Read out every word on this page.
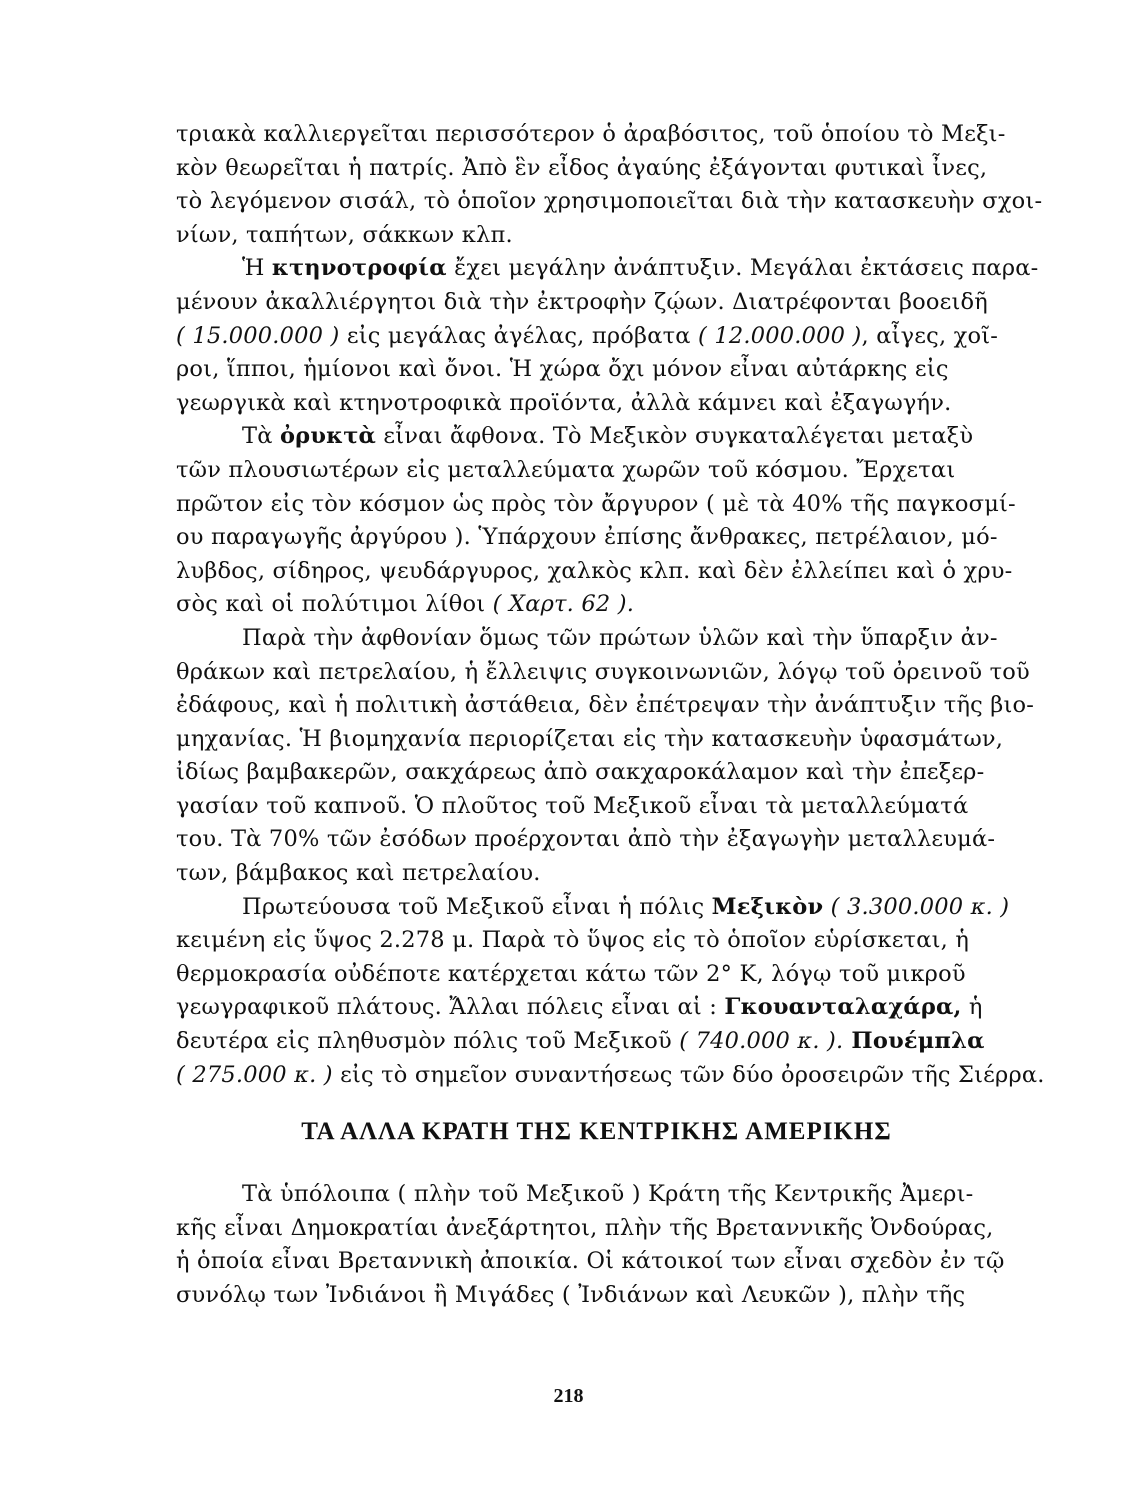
τριακὰ καλλιεργεῖται περισσότερον ὁ ἀραβόσιτος, τοῦ ὁποίου τὸ Μεξι-
κὸν θεωρεῖται ἡ πατρίς. Ἀπὸ ἓν εἶδος ἀγαύης ἐξάγονται φυτικαὶ ἶνες,
τὸ λεγόμενον σισάλ, τὸ ὁποῖον χρησιμοποιεῖται διὰ τὴν κατασκευὴν σχοι-
νίων, ταπήτων, σάκκων κλπ.

Ἡ κτηνοτροφία ἔχει μεγάλην ἀνάπτυξιν. Μεγάλαι ἐκτάσεις παρα-
μένουν ἀκαλλιέργητοι διὰ τὴν ἐκτροφὴν ζῴων. Διατρέφονται βοοειδῆ
( 15.000.000 ) εἰς μεγάλας ἀγέλας, πρόβατα ( 12.000.000 ), αἶγες, χοῖ-
ροι, ἵπποι, ἡμίονοι καὶ ὄνοι. Ἡ χώρα ὄχι μόνον εἶναι αὐτάρκης εἰς
γεωργικὰ καὶ κτηνοτροφικὰ προϊόντα, ἀλλὰ κάμνει καὶ ἐξαγωγήν.

Τὰ ὀρυκτὰ εἶναι ἄφθονα. Τὸ Μεξικὸν συγκαταλέγεται μεταξὺ
τῶν πλουσιωτέρων εἰς μεταλλεύματα χωρῶν τοῦ κόσμου. Ἔρχεται
πρῶτον εἰς τὸν κόσμον ὡς πρὸς τὸν ἄργυρον ( μὲ τὰ 40% τῆς παγκοσμί-
ου παραγωγῆς ἀργύρου ). Ὑπάρχουν ἐπίσης ἄνθρακες, πετρέλαιον, μό-
λυβδος, σίδηρος, ψευδάργυρος, χαλκὸς κλπ. καὶ δὲν ἐλλείπει καὶ ὁ χρυ-
σὸς καὶ οἱ πολύτιμοι λίθοι ( Χαρτ. 62 ).

Παρὰ τὴν ἀφθονίαν ὅμως τῶν πρώτων ὑλῶν καὶ τὴν ὕπαρξιν ἀν-
θράκων καὶ πετρελαίου, ἡ ἔλλειψις συγκοινωνιῶν, λόγῳ τοῦ ὀρεινοῦ τοῦ
ἐδάφους, καὶ ἡ πολιτικὴ ἀστάθεια, δὲν ἐπέτρεψαν τὴν ἀνάπτυξιν τῆς βιο-
μηχανίας. Ἡ βιομηχανία περιορίζεται εἰς τὴν κατασκευὴν ὑφασμάτων,
ἰδίως βαμβακερῶν, σακχάρεως ἀπὸ σακχαροκάλαμον καὶ τὴν ἐπεξερ-
γασίαν τοῦ καπνοῦ. Ὁ πλοῦτος τοῦ Μεξικοῦ εἶναι τὰ μεταλλεύματά
του. Τὰ 70% τῶν ἐσόδων προέρχονται ἀπὸ τὴν ἐξαγωγὴν μεταλλευμά-
των, βάμβακος καὶ πετρελαίου.

Πρωτεύουσα τοῦ Μεξικοῦ εἶναι ἡ πόλις Μεξικὸν ( 3.300.000 κ. )
κειμένη εἰς ὕψος 2.278 μ. Παρὰ τὸ ὕψος εἰς τὸ ὁποῖον εὑρίσκεται, ἡ
θερμοκρασία οὐδέποτε κατέρχεται κάτω τῶν 2° Κ, λόγῳ τοῦ μικροῦ
γεωγραφικοῦ πλάτους. Ἄλλαι πόλεις εἶναι αἱ : Γκουανταλαχάρα, ἡ
δευτέρα εἰς πληθυσμὸν πόλις τοῦ Μεξικοῦ ( 740.000 κ. ). Πουέμπλα
( 275.000 κ. ) εἰς τὸ σημεῖον συναντήσεως τῶν δύο ὀροσειρῶν τῆς Σιέρρα.

ΤΑ ΑΛΛΑ ΚΡΑΤΗ ΤΗΣ ΚΕΝΤΡΙΚΗΣ ΑΜΕΡΙΚΗΣ

Τὰ ὑπόλοιπα ( πλὴν τοῦ Μεξικοῦ ) Κράτη τῆς Κεντρικῆς Ἀμερι-
κῆς εἶναι Δημοκρατίαι ἀνεξάρτητοι, πλὴν τῆς Βρεταννικῆς Ὀνδούρας,
ἡ ὁποία εἶναι Βρεταννικὴ ἀποικία. Οἱ κάτοικοί των εἶναι σχεδὸν ἐν τῷ
συνόλῳ των Ἰνδιάνοι ἢ Μιγάδες ( Ἰνδιάνων καὶ Λευκῶν ), πλὴν τῆς

218
